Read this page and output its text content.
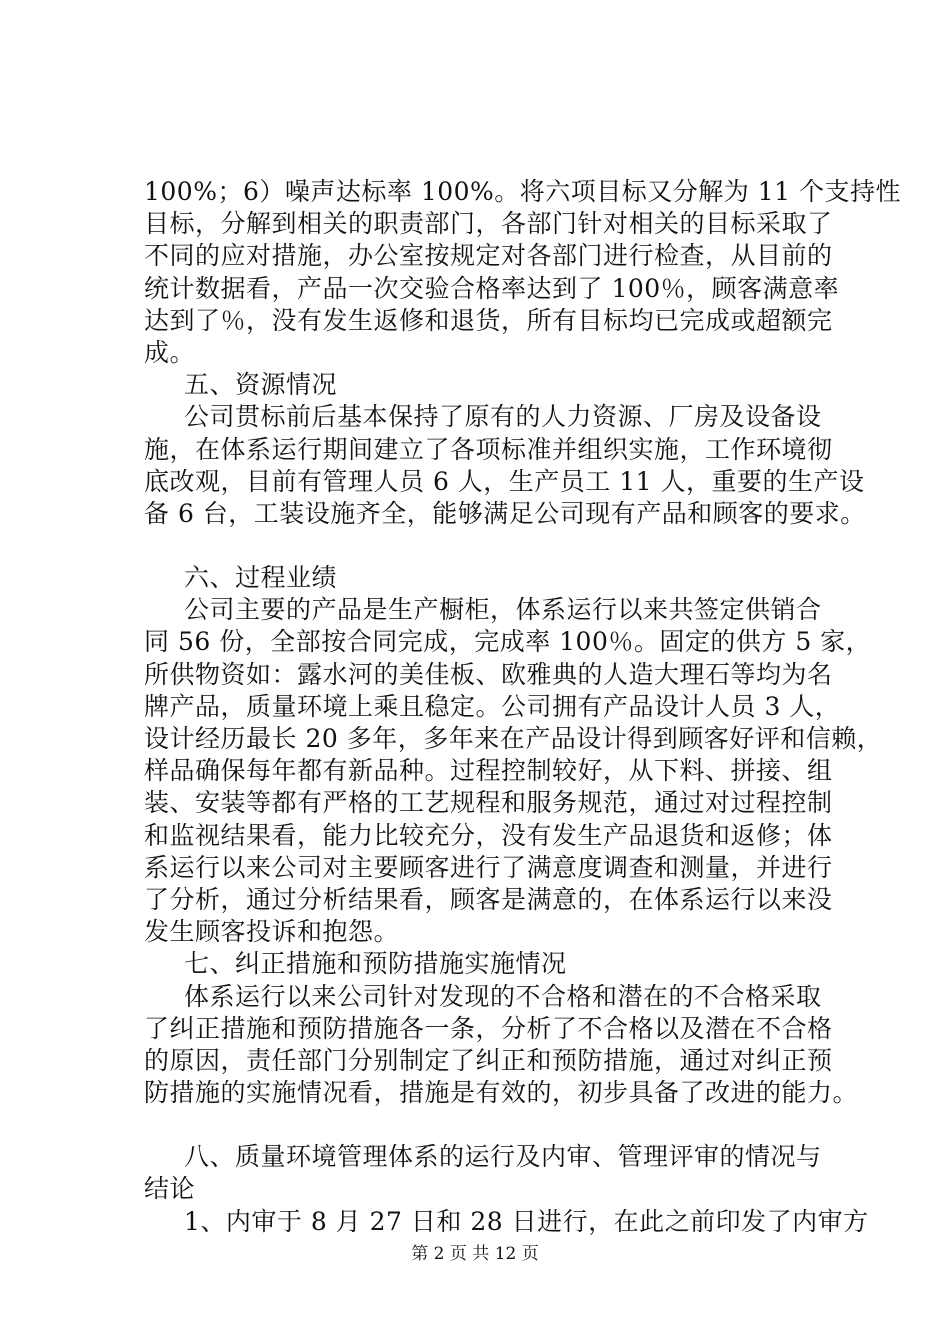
100%；6）噪声达标率 100%。将六项目标又分解为 11 个支持性
目标，分解到相关的职责部门，各部门针对相关的目标采取了
不同的应对措施，办公室按规定对各部门进行检查，从目前的
统计数据看，产品一次交验合格率达到了 100％，顾客满意率
达到了％，没有发生返修和退货，所有目标均已完成或超额完
成。
五、资源情况
公司贯标前后基本保持了原有的人力资源、厂房及设备设
施，在体系运行期间建立了各项标准并组织实施，工作环境彻
底改观，目前有管理人员 6 人，生产员工 11 人，重要的生产设
备 6 台，工装设施齐全，能够满足公司现有产品和顾客的要求。
六、过程业绩
公司主要的产品是生产橱柜，体系运行以来共签定供销合
同 56 份，全部按合同完成，完成率 100％。固定的供方 5 家，
所供物资如：露水河的美佳板、欧雅典的人造大理石等均为名
牌产品，质量环境上乘且稳定。公司拥有产品设计人员 3 人，
设计经历最长 20 多年，多年来在产品设计得到顾客好评和信赖，
样品确保每年都有新品种。过程控制较好，从下料、拼接、组
装、安装等都有严格的工艺规程和服务规范，通过对过程控制
和监视结果看，能力比较充分，没有发生产品退货和返修；体
系运行以来公司对主要顾客进行了满意度调查和测量，并进行
了分析，通过分析结果看，顾客是满意的，在体系运行以来没
发生顾客投诉和抱怨。
七、纠正措施和预防措施实施情况
体系运行以来公司针对发现的不合格和潜在的不合格采取
了纠正措施和预防措施各一条，分析了不合格以及潜在不合格
的原因，责任部门分别制定了纠正和预防措施，通过对纠正预
防措施的实施情况看，措施是有效的，初步具备了改进的能力。
八、质量环境管理体系的运行及内审、管理评审的情况与
结论
1、内审于 8 月 27 日和 28 日进行，在此之前印发了内审方
第 2 页 共 12 页
